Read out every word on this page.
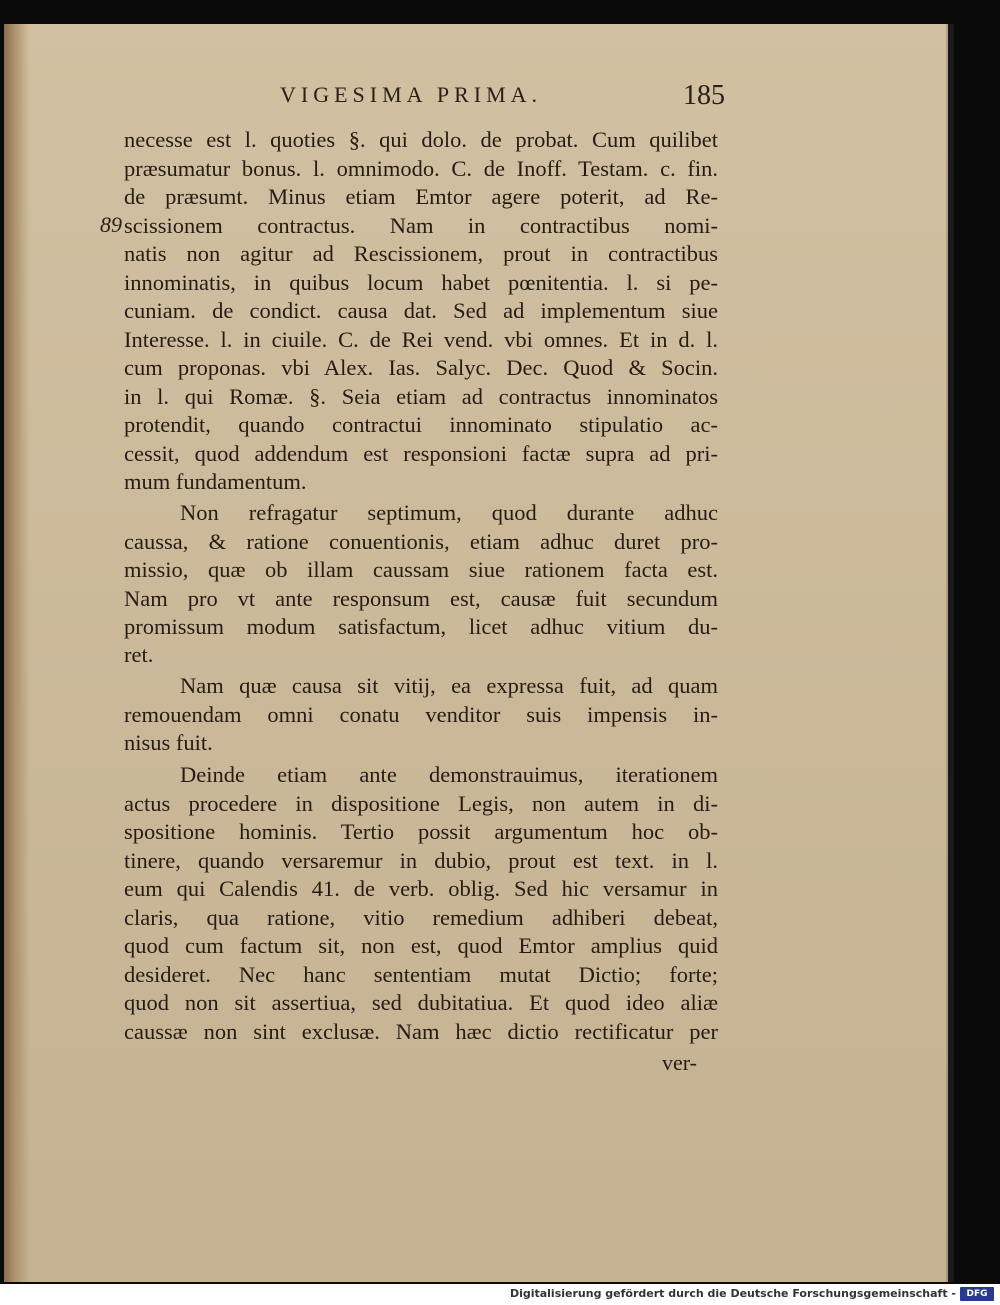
VIGESIMA PRIMA.	185
89
necesse est l. quoties §. qui dolo. de probat. Cum quilibet
præsumatur bonus. l. omnimodo. C. de Inoff. Testam. c. fin.
de præsumt. Minus etiam Emtor agere poterit, ad Re-
scissionem contractus. Nam in contractibus nomi-
natis non agitur ad Rescissionem, prout in contractibus
innominatis, in quibus locum habet pœnitentia. l. si pe-
cuniam. de condict. causa dat. Sed ad implementum siue
Interesse. l. in ciuile. C. de Rei vend. vbi omnes. Et in d. l.
cum proponas. vbi Alex. Ias. Salyc. Dec. Quod & Socin.
in l. qui Romæ. §. Seia etiam ad contractus innominatos
protendit, quando contractui innominato stipulatio ac-
cessit, quod addendum est responsioni factæ supra ad pri-
mum fundamentum.
Non refragatur septimum, quod durante adhuc
caussa, & ratione conuentionis, etiam adhuc duret pro-
missio, quæ ob illam caussam siue rationem facta est.
Nam pro vt ante responsum est, causæ fuit secundum
promissum modum satisfactum, licet adhuc vitium du-
ret.
Nam quæ causa sit vitij, ea expressa fuit, ad quam
remouendam omni conatu venditor suis impensis in-
nisus fuit.
Deinde etiam ante demonstrauimus, iterationem
actus procedere in dispositione Legis, non autem in di-
spositione hominis. Tertio possit argumentum hoc ob-
tinere, quando versaremur in dubio, prout est text. in l.
eum qui Calendis 41. de verb. oblig. Sed hic versamur in
claris, qua ratione, vitio remedium adhiberi debeat,
quod cum factum sit, non est, quod Emtor amplius quid
desideret. Nec hanc sententiam mutat Dictio; forte;
quod non sit assertiua, sed dubitatiua. Et quod ideo aliæ
caussæ non sint exclusæ. Nam hæc dictio rectificatur per
ver-
Digitalisierung gefördert durch die Deutsche Forschungsgemeinschaft -	DFG
